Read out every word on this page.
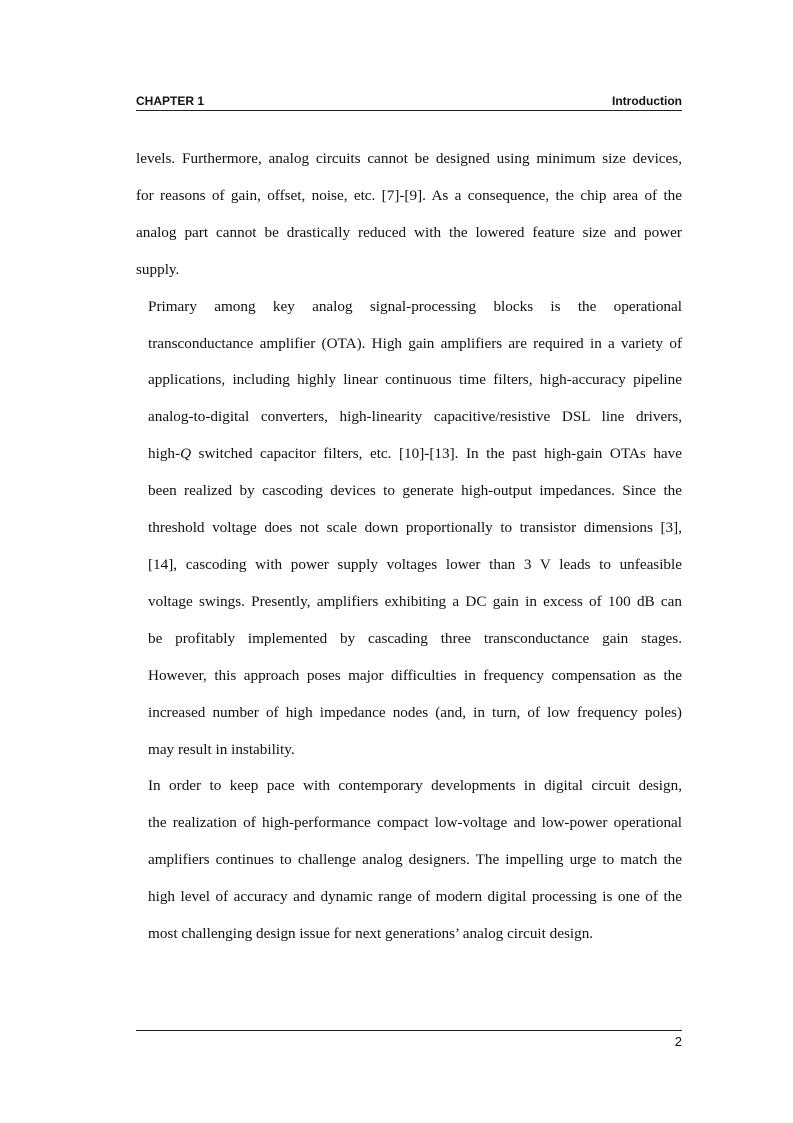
CHAPTER 1	Introduction

levels. Furthermore, analog circuits cannot be designed using minimum size devices,
for reasons of gain, offset, noise, etc. [7]-[9]. As a consequence, the chip area of the
analog part cannot be drastically reduced with the lowered feature size and power
supply.

Primary among key analog signal-processing blocks is the operational
transconductance amplifier (OTA). High gain amplifiers are required in a variety of
applications, including highly linear continuous time filters, high-accuracy pipeline
analog-to-digital converters, high-linearity capacitive/resistive DSL line drivers,
high-Q switched capacitor filters, etc. [10]-[13]. In the past high-gain OTAs have
been realized by cascoding devices to generate high-output impedances. Since the
threshold voltage does not scale down proportionally to transistor dimensions [3],
[14], cascoding with power supply voltages lower than 3 V leads to unfeasible
voltage swings. Presently, amplifiers exhibiting a DC gain in excess of 100 dB can
be profitably implemented by cascading three transconductance gain stages.
However, this approach poses major difficulties in frequency compensation as the
increased number of high impedance nodes (and, in turn, of low frequency poles)
may result in instability.

In order to keep pace with contemporary developments in digital circuit design,
the realization of high-performance compact low-voltage and low-power operational
amplifiers continues to challenge analog designers. The impelling urge to match the
high level of accuracy and dynamic range of modern digital processing is one of the
most challenging design issue for next generations’ analog circuit design.

2
